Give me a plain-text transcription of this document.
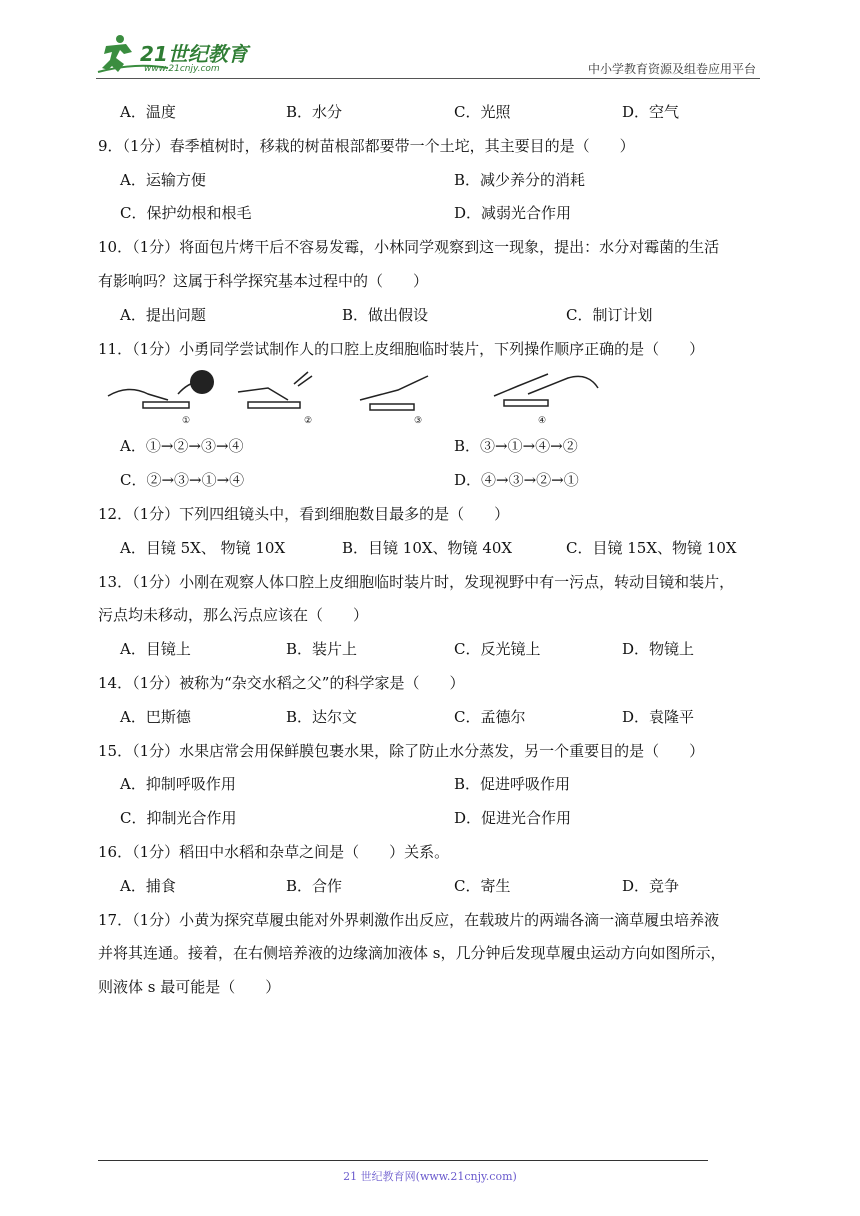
21世纪教育
www.21cnjy.com	中小学教育资源及组卷应用平台
A．温度	B．水分	C．光照	D．空气
9．（1分）春季植树时，移栽的树苗根部都要带一个土坨，其主要目的是（　　）
A．运输方便	B．减少养分的消耗
C．保护幼根和根毛	D．减弱光合作用
10．（1分）将面包片烤干后不容易发霉，小林同学观察到这一现象，提出：水分对霉菌的生活
有影响吗？这属于科学探究基本过程中的（　　）
A．提出问题	B．做出假设	C．制订计划
11．（1分）小勇同学尝试制作人的口腔上皮细胞临时装片，下列操作顺序正确的是（　　）
①	②	③	④
A．①→②→③→④	B．③→①→④→②
C．②→③→①→④	D．④→③→②→①
12．（1分）下列四组镜头中，看到细胞数目最多的是（　　）
A．目镜 5X、 物镜 10X	B．目镜 10X、物镜 40X	C．目镜 15X、物镜 10X
13．（1分）小刚在观察人体口腔上皮细胞临时装片时，发现视野中有一污点，转动目镜和装片，
污点均未移动，那么污点应该在（　　）
A．目镜上	B．装片上	C．反光镜上	D．物镜上
14．（1分）被称为“杂交水稻之父”的科学家是（　　）
A．巴斯德	B．达尔文	C．孟德尔	D．袁隆平
15．（1分）水果店常会用保鲜膜包裹水果，除了防止水分蒸发，另一个重要目的是（　　）
A．抑制呼吸作用	B．促进呼吸作用
C．抑制光合作用	D．促进光合作用
16．（1分）稻田中水稻和杂草之间是（　　）关系。
A．捕食	B．合作	C．寄生	D．竞争
17．（1分）小黄为探究草履虫能对外界刺激作出反应，在载玻片的两端各滴一滴草履虫培养液
并将其连通。接着，在右侧培养液的边缘滴加液体 s，几分钟后发现草履虫运动方向如图所示，
则液体 s 最可能是（　　）
21 世纪教育网(www.21cnjy.com)
